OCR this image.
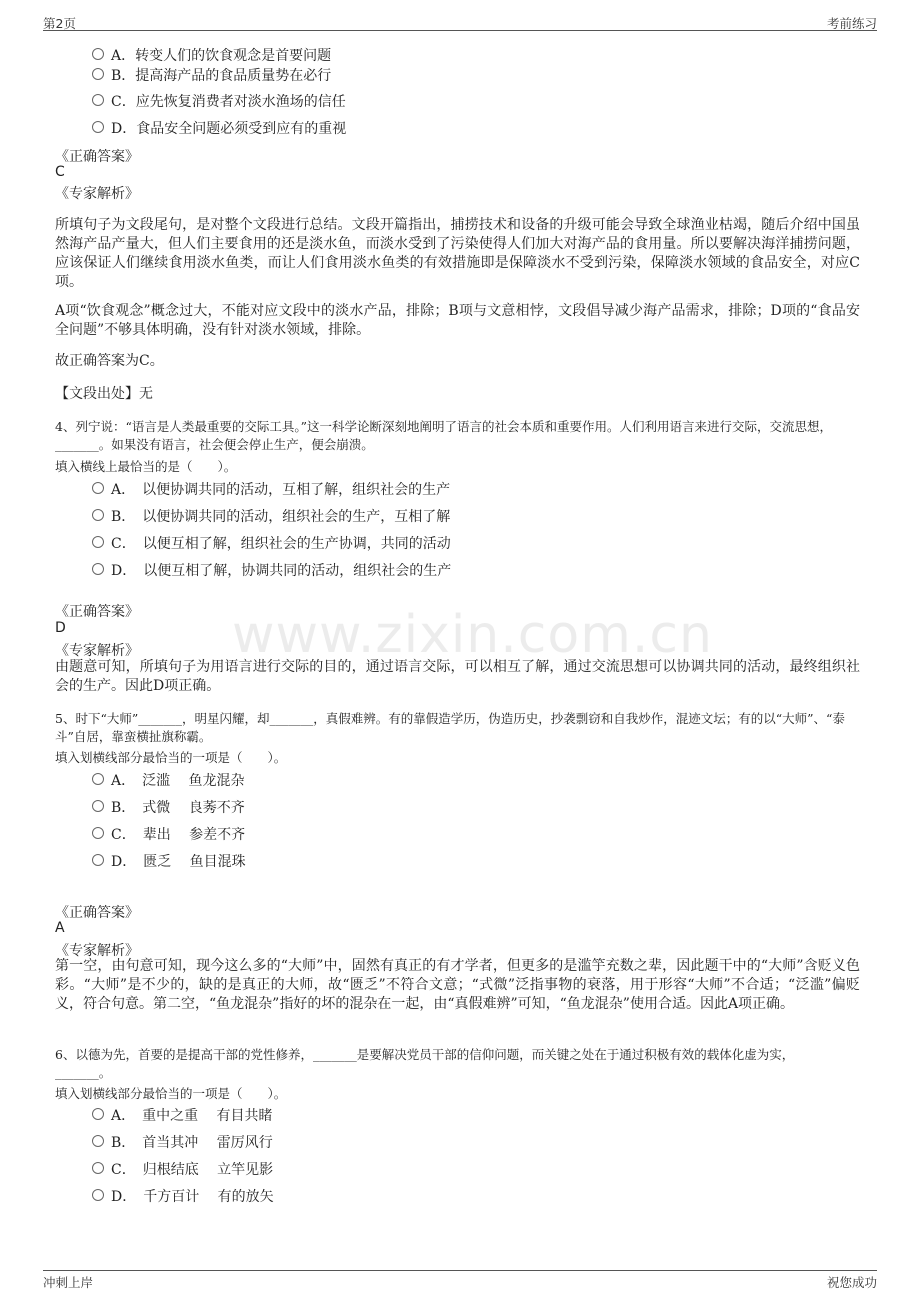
第2页	考前练习
www.zixin.com.cn
A．转变人们的饮食观念是首要问题
B．提高海产品的食品质量势在必行
C．应先恢复消费者对淡水渔场的信任
D．食品安全问题必须受到应有的重视
《正确答案》
C
《专家解析》
所填句子为文段尾句，是对整个文段进行总结。文段开篇指出，捕捞技术和设备的升级可能会导致全球渔业枯竭，随后介绍中国虽然海产品产量大，但人们主要食用的还是淡水鱼，而淡水受到了污染使得人们加大对海产品的食用量。所以要解决海洋捕捞问题，应该保证人们继续食用淡水鱼类，而让人们食用淡水鱼类的有效措施即是保障淡水不受到污染，保障淡水领域的食品安全，对应C项。
A项“饮食观念”概念过大，不能对应文段中的淡水产品，排除；B项与文意相悖，文段倡导减少海产品需求，排除；D项的“食品安全问题”不够具体明确，没有针对淡水领域，排除。
故正确答案为C。
【文段出处】无
4、列宁说：“语言是人类最重要的交际工具。”这一科学论断深刻地阐明了语言的社会本质和重要作用。人们利用语言来进行交际，交流思想，_______。如果没有语言，社会便会停止生产，便会崩溃。
填入横线上最恰当的是（　　）。
A．　以便协调共同的活动，互相了解，组织社会的生产
B．　以便协调共同的活动，组织社会的生产，互相了解
C．　以便互相了解，组织社会的生产协调，共同的活动
D．　以便互相了解，协调共同的活动，组织社会的生产
《正确答案》
D
《专家解析》
由题意可知，所填句子为用语言进行交际的目的，通过语言交际，可以相互了解，通过交流思想可以协调共同的活动，最终组织社会的生产。因此D项正确。
5、时下“大师”_______，明星闪耀，却_______，真假难辨。有的靠假造学历，伪造历史，抄袭剽窃和自我炒作，混迹文坛；有的以“大师”、“泰斗”自居，靠蛮横扯旗称霸。
填入划横线部分最恰当的一项是（　　）。
A．　泛滥　 鱼龙混杂
B．　式微　 良莠不齐
C．　辈出　 参差不齐
D．　匮乏　 鱼目混珠
《正确答案》
A
《专家解析》
第一空，由句意可知，现今这么多的“大师”中，固然有真正的有才学者，但更多的是滥竽充数之辈，因此题干中的“大师”含贬义色彩。“大师”是不少的，缺的是真正的大师，故“匮乏”不符合文意；“式微”泛指事物的衰落，用于形容“大师”不合适；“泛滥”偏贬义，符合句意。第二空，“鱼龙混杂”指好的坏的混杂在一起，由“真假难辨”可知，“鱼龙混杂”使用合适。因此A项正确。
6、以德为先，首要的是提高干部的党性修养，_______是要解决党员干部的信仰问题，而关键之处在于通过积极有效的载体化虚为实，_______。
填入划横线部分最恰当的一项是（　　）。
A．　重中之重　 有目共睹
B．　首当其冲　 雷厉风行
C．　归根结底　 立竿见影
D．　千方百计　 有的放矢
冲刺上岸	祝您成功
